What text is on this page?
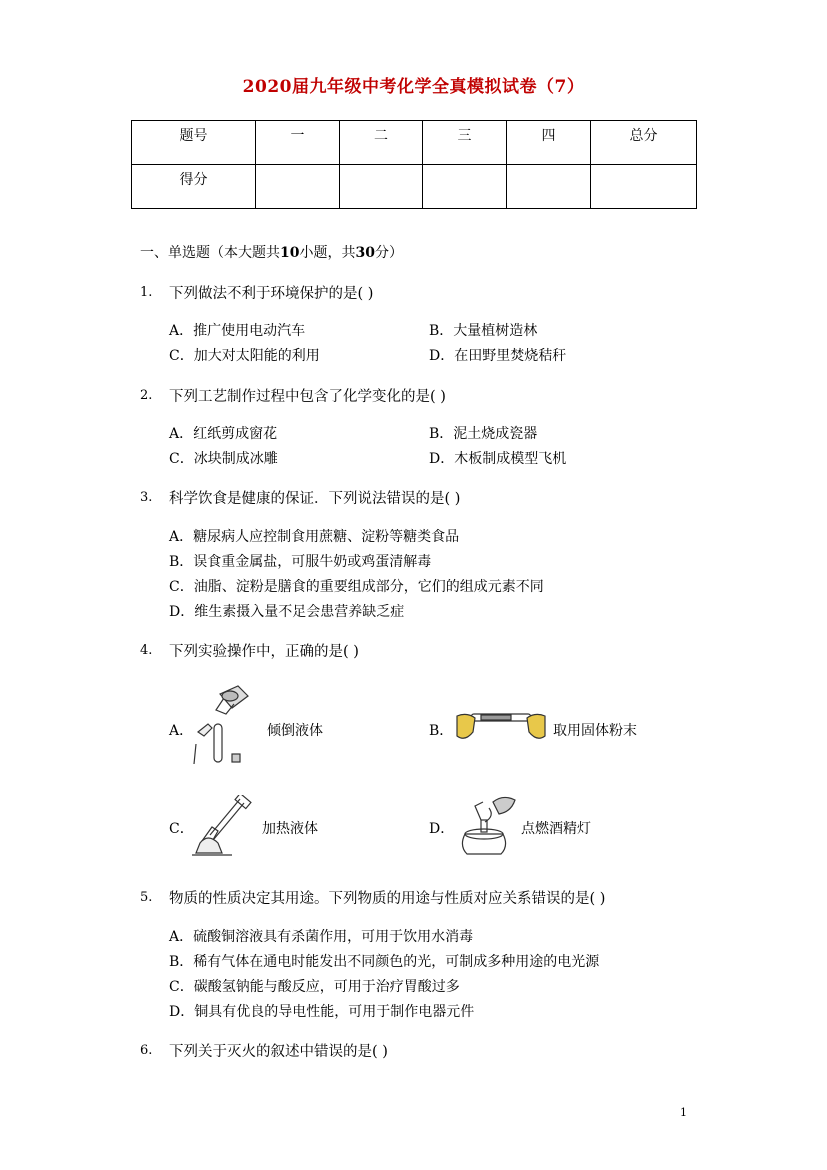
2020届九年级中考化学全真模拟试卷（7）
题号	一	二	三	四	总分
得分					
一、单选题（本大题共10小题，共30分）
1. 下列做法不利于环境保护的是( )
A．推广使用电动汽车	B．大量植树造林
C．加大对太阳能的利用	D．在田野里焚烧秸秆
2. 下列工艺制作过程中包含了化学变化的是( )
A．红纸剪成窗花	B．泥土烧成瓷器
C．冰块制成冰雕	D．木板制成模型飞机
3. 科学饮食是健康的保证．下列说法错误的是( )
A．糖尿病人应控制食用蔗糖、淀粉等糖类食品
B．误食重金属盐，可服牛奶或鸡蛋清解毒
C．油脂、淀粉是膳食的重要组成部分，它们的组成元素不同
D．维生素摄入量不足会患营养缺乏症
4. 下列实验操作中，正确的是( )
A．	倾倒液体	B．	取用固体粉末
C．	加热液体	D．	点燃酒精灯
5. 物质的性质决定其用途。下列物质的用途与性质对应关系错误的是( )
A．硫酸铜溶液具有杀菌作用，可用于饮用水消毒
B．稀有气体在通电时能发出不同颜色的光，可制成多种用途的电光源
C．碳酸氢钠能与酸反应，可用于治疗胃酸过多
D．铜具有优良的导电性能，可用于制作电器元件
6. 下列关于灭火的叙述中错误的是( )
1
